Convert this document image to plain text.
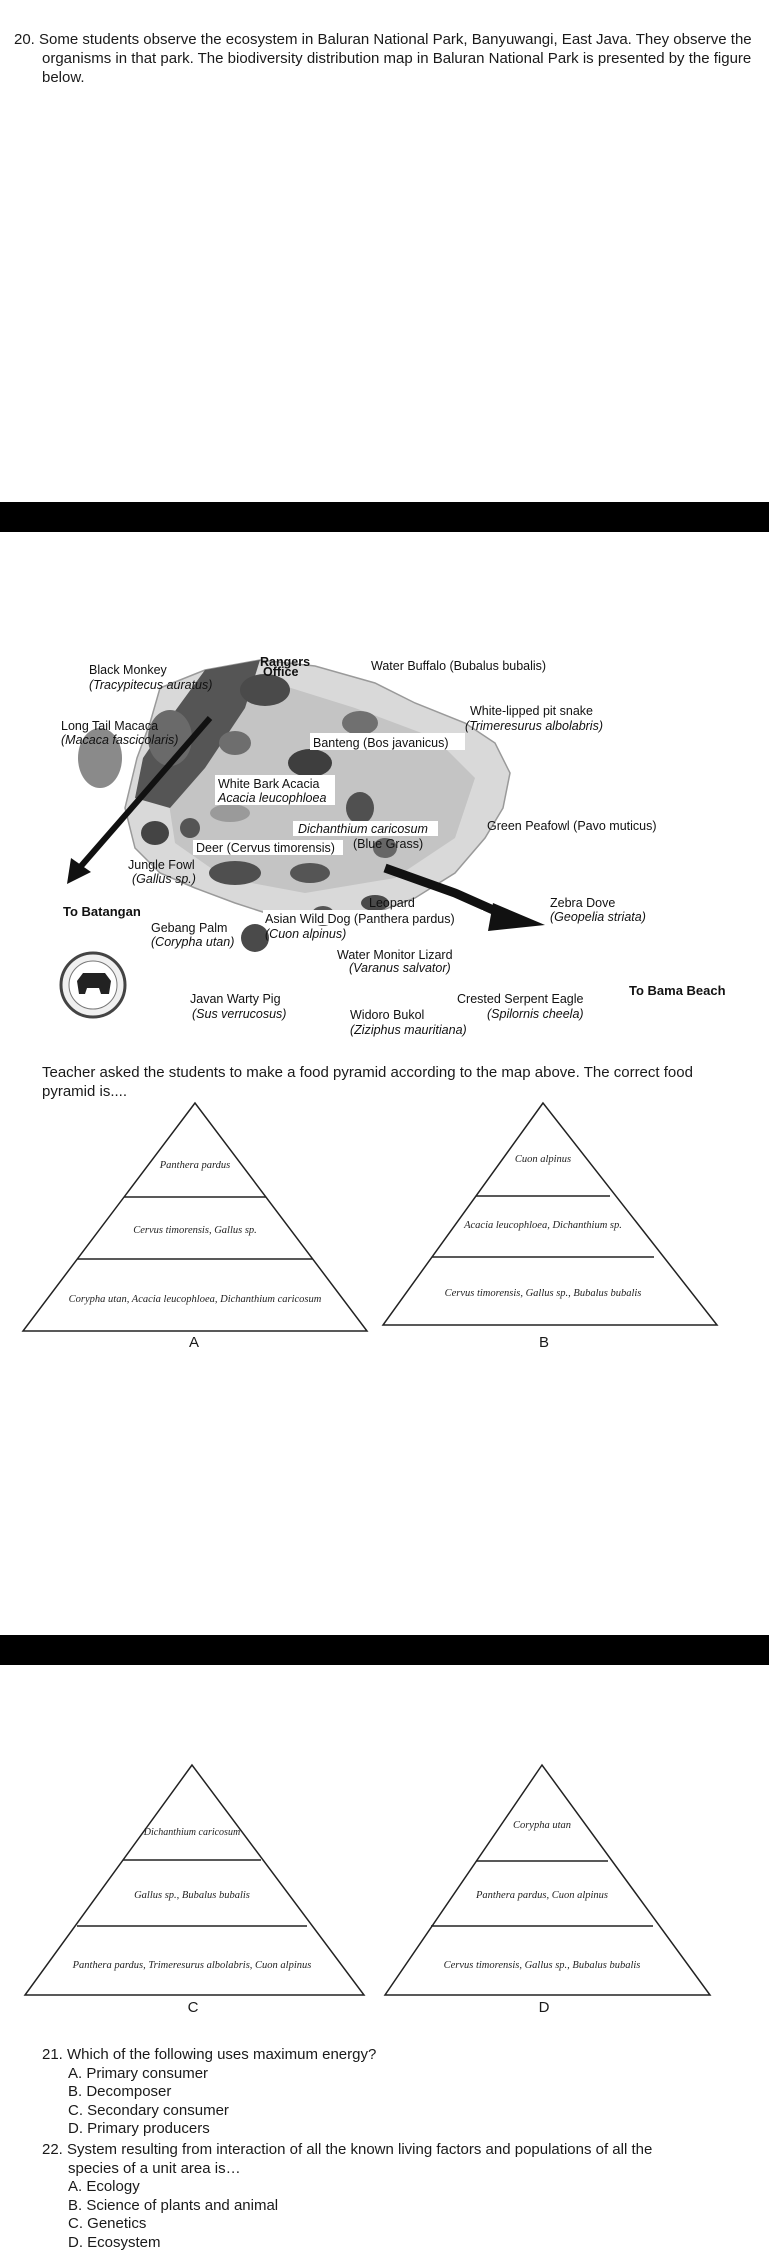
20. Some students observe the ecosystem in Baluran National Park, Banyuwangi, East Java. They observe the organisms in that park. The biodiversity distribution map in Baluran National Park is presented by the figure below.
Black Monkey
(Tracypitecus auratus)
Rangers
Office	Water Buffalo (Bubalus bubalis)
Long Tail Macaca
(Macaca fascicolaris)
White-lipped pit snake
(Trimeresurus albolabris)
Banteng (Bos javanicus)
White Bark Acacia
Acacia leucophloea
Dichanthium caricosum
(Blue Grass)
Green Peafowl (Pavo muticus)
Deer (Cervus timorensis)
Jungle Fowl
(Gallus sp.)
To Batangan
Leopard	Zebra Dove
(Geopelia striata)
Gebang Palm
(Corypha utan)
Asian Wild Dog (Panthera pardus)
(Cuon alpinus)
Water Monitor Lizard
(Varanus salvator)
To Bama Beach
Javan Warty Pig
(Sus verrucosus)
Crested Serpent Eagle
(Spilornis cheela)
Widoro Bukol
(Ziziphus mauritiana)
Teacher asked the students to make a food pyramid according to the map above. The correct food pyramid is....
Panthera pardus
Cervus timorensis, Gallus sp.
Corypha utan, Acacia leucophloea, Dichanthium caricosum
A
Cuon alpinus
Acacia leucophloea, Dichanthium sp.
Cervus timorensis, Gallus sp., Bubalus bubalis
B
Dichanthium caricosum
Gallus sp., Bubalus bubalis
Panthera pardus, Trimeresurus albolabris, Cuon alpinus
C
Corypha utan
Panthera pardus, Cuon alpinus
Cervus timorensis, Gallus sp., Bubalus bubalis
D
21. Which of the following uses maximum energy?
A. Primary consumer
B. Decomposer
C. Secondary consumer
D. Primary producers
22. System resulting from interaction of all the known living factors and populations of all the
species of a unit area is…
A. Ecology
B. Science of plants and animal
C. Genetics
D. Ecosystem
